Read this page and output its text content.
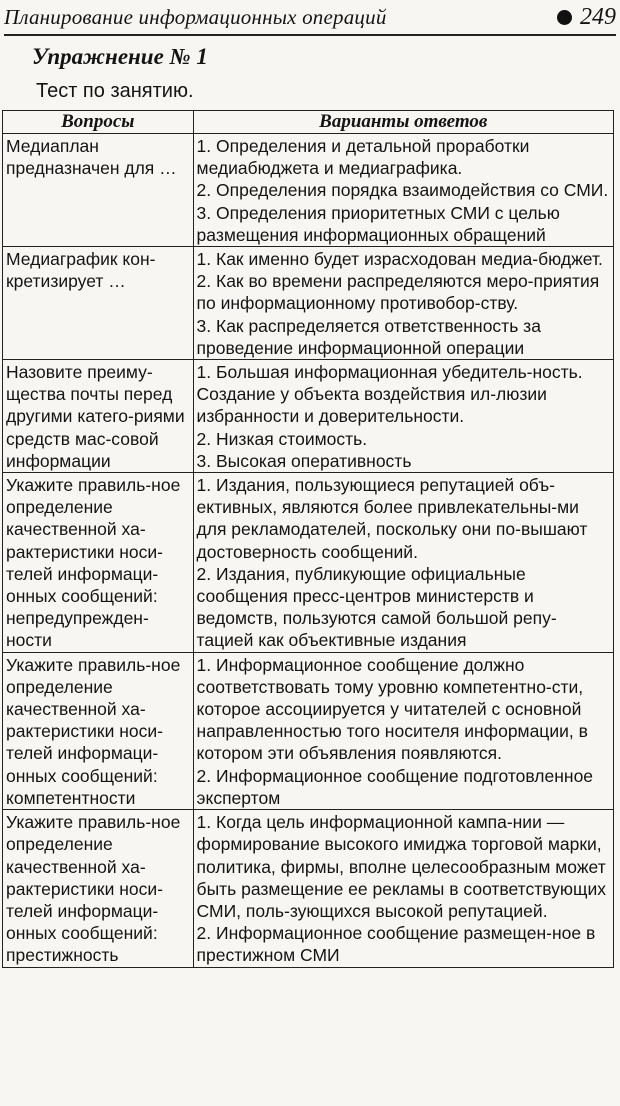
Планирование информационных операций	249
Упражнение № 1
Тест по занятию.
Вопросы	Варианты ответов
Медиаплан предназначен для …	1. Определения и детальной проработки медиабюджета и медиаграфика.
2. Определения порядка взаимодействия со СМИ.
3. Определения приоритетных СМИ с целью размещения информационных обращений

Медиаграфик кон-кретизирует …	1. Как именно будет израсходован медиа-бюджет.
2. Как во времени распределяются меро-приятия по информационному противобор-ству.
3. Как распределяется ответственность за проведение информационной операции

Назовите преиму-щества почты перед другими катего-риями средств мас-совой информации	1. Большая информационная убедитель-ность. Создание у объекта воздействия ил-люзии избранности и доверительности.
2. Низкая стоимость.
3. Высокая оперативность

Укажите правиль-ное определение качественной ха-рактеристики носи-телей информаци-онных сообщений: непредупрежден-ности	1. Издания, пользующиеся репутацией объ-ективных, являются более привлекательны-ми для рекламодателей, поскольку они по-вышают достоверность сообщений.
2. Издания, публикующие официальные сообщения пресс-центров министерств и ведомств, пользуются самой большой репу-тацией как объективные издания

Укажите правиль-ное определение качественной ха-рактеристики носи-телей информаци-онных сообщений: компетентности	1. Информационное сообщение должно соответствовать тому уровню компетентно-сти, которое ассоциируется у читателей с основной направленностью того носителя информации, в котором эти объявления появляются.
2. Информационное сообщение подготовленное экспертом

Укажите правиль-ное определение качественной ха-рактеристики носи-телей информаци-онных сообщений: престижность	1. Когда цель информационной кампа-нии — формирование высокого имиджа торговой марки, политика, фирмы, вполне целесообразным может быть размещение ее рекламы в соответствующих СМИ, поль-зующихся высокой репутацией.
2. Информационное сообщение размещен-ное в престижном СМИ
